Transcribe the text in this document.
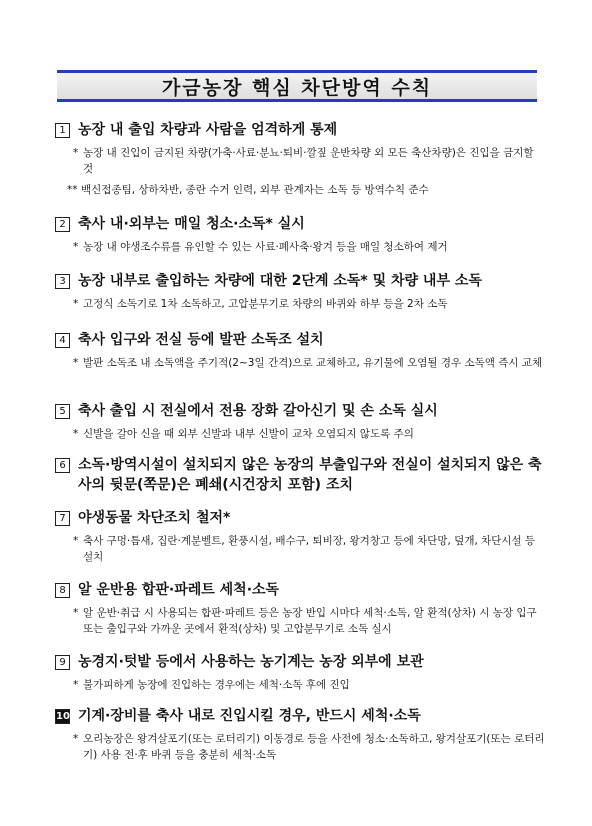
가금농장 핵심 차단방역 수칙
1 농장 내 출입 차량과 사람을 엄격하게 통제
* 농장 내 진입이 금지된 차량(가축·사료·분뇨·퇴비·깔짚 운반차량 외 모든 축산차량)은 진입을 금지할 것
** 백신접종팀, 상하차반, 종란 수거 인력, 외부 관계자는 소독 등 방역수칙 준수
2 축사 내·외부는 매일 청소·소독* 실시
* 농장 내 야생조수류를 유인할 수 있는 사료·폐사축·왕겨 등을 매일 청소하여 제거
3 농장 내부로 출입하는 차량에 대한 2단계 소독* 및 차량 내부 소독
* 고정식 소독기로 1차 소독하고, 고압분무기로 차량의 바퀴와 하부 등을 2차 소독
4 축사 입구와 전실 등에 발판 소독조 설치
* 발판 소독조 내 소독액을 주기적(2~3일 간격)으로 교체하고, 유기물에 오염될 경우 소독액 즉시 교체
5 축사 출입 시 전실에서 전용 장화 갈아신기 및 손 소독 실시
* 신발을 갈아 신을 때 외부 신발과 내부 신발이 교차 오염되지 않도록 주의
6 소독·방역시설이 설치되지 않은 농장의 부출입구와 전실이 설치되지 않은 축사의 뒷문(쪽문)은 폐쇄(시건장치 포함) 조치
7 야생동물 차단조치 철저*
* 축사 구멍·틈새, 집란·계분벨트, 환풍시설, 배수구, 퇴비장, 왕겨창고 등에 차단망, 덮개, 차단시설 등 설치
8 알 운반용 합판·파레트 세척·소독
* 알 운반·취급 시 사용되는 합판·파레트 등은 농장 반입 시마다 세척·소독, 알 환적(상차) 시 농장 입구 또는 출입구와 가까운 곳에서 환적(상차) 및 고압분무기로 소독 실시
9 농경지·텃밭 등에서 사용하는 농기계는 농장 외부에 보관
* 불가피하게 농장에 진입하는 경우에는 세척·소독 후에 진입
10 기계·장비를 축사 내로 진입시킬 경우, 반드시 세척·소독
* 오리농장은 왕겨살포기(또는 로터리기) 이동경로 등을 사전에 청소·소독하고, 왕겨살포기(또는 로터리기) 사용 전·후 바퀴 등을 충분히 세척·소독
